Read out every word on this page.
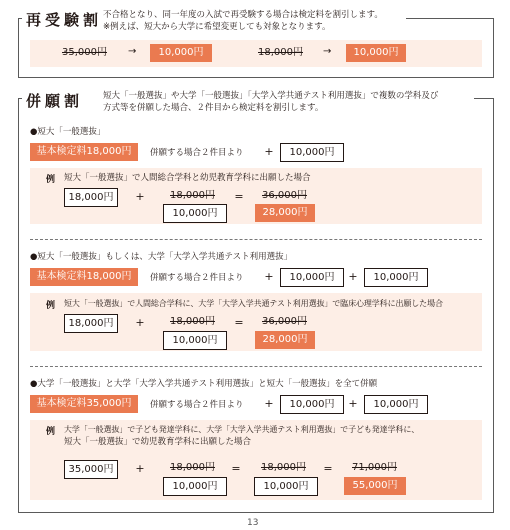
再受験割 不合格となり、同一年度の入試で再受験する場合は検定料を割引します。
※例えば、短大から大学に希望変更しても対象となります。
35,000円 →	10,000円	18,000円 →	10,000円
併願割	短大「一般選抜」や大学「一般選抜」「大学入学共通テスト利用選抜」で複数の学科及び
方式等を併願した場合、２件目から検定料を割引します。
●短大「一般選抜」
基本検定料18,000円	併願する場合２件目より +	10,000円
例 短大「一般選抜」で人間総合学科と幼児教育学科に出願した場合
18,000円	+	18,000円
10,000円
= 36,000円
28,000円
●短大「一般選抜」もしくは、大学「大学入学共通テスト利用選抜」
基本検定料18,000円	併願する場合２件目より +	10,000円	+	10,000円
例 短大「一般選抜」で人間総合学科に、大学「大学入学共通テスト利用選抜」で臨床心理学科に出願した場合
18,000円	+	18,000円
10,000円
= 36,000円
28,000円
●大学「一般選抜」と大学「大学入学共通テスト利用選抜」と短大「一般選抜」を全て併願
基本検定料35,000円	併願する場合２件目より +	10,000円	+	10,000円
例 大学「一般選抜」で子ども発達学科に、大学「大学入学共通テスト利用選抜」で子ども発達学科に、
短大「一般選抜」で幼児教育学科に出願した場合
35,000円	+	18,000円
10,000円
= 18,000円
10,000円
= 71,000円
55,000円
13
